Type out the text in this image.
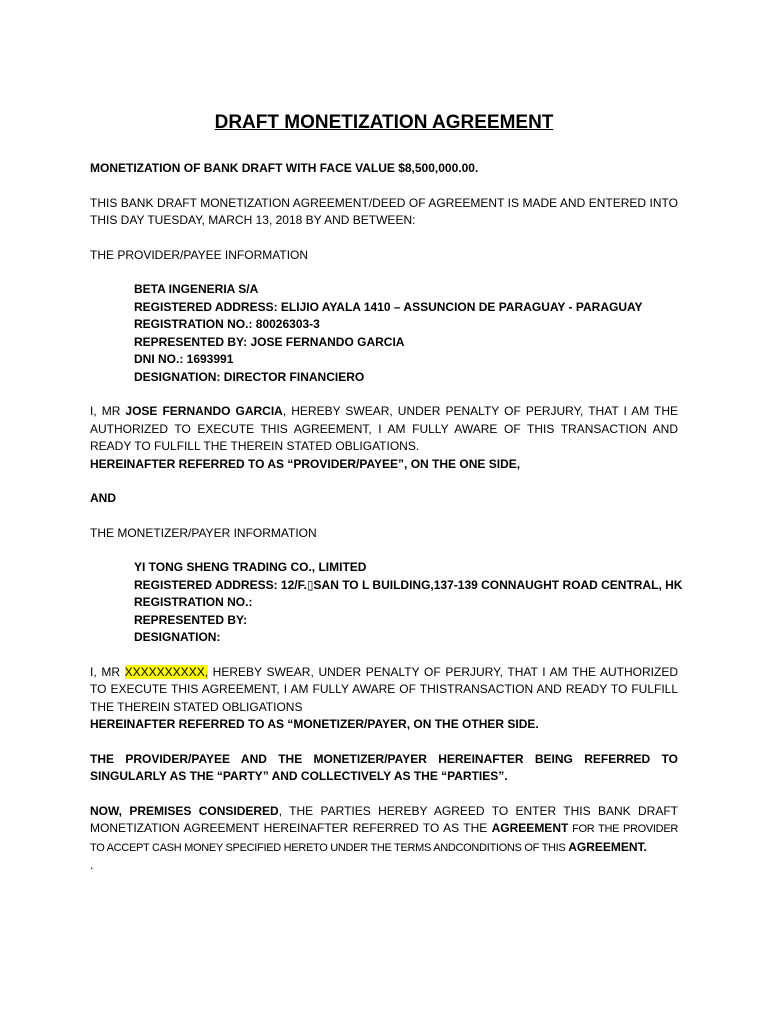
DRAFT MONETIZATION AGREEMENT

MONETIZATION OF BANK DRAFT WITH FACE VALUE $8,500,000.00.

THIS BANK DRAFT MONETIZATION AGREEMENT/DEED OF AGREEMENT IS MADE AND ENTERED INTO THIS DAY TUESDAY, MARCH 13, 2018 BY AND BETWEEN:

THE PROVIDER/PAYEE INFORMATION

BETA INGENERIA S/A
REGISTERED ADDRESS: ELIJIO AYALA 1410 – ASSUNCION DE PARAGUAY - PARAGUAY
REGISTRATION NO.: 80026303-3
REPRESENTED BY: JOSE FERNANDO GARCIA
DNI NO.: 1693991
DESIGNATION: DIRECTOR FINANCIERO

I, MR JOSE FERNANDO GARCIA, HEREBY SWEAR, UNDER PENALTY OF PERJURY, THAT I AM THE AUTHORIZED TO EXECUTE THIS AGREEMENT, I AM FULLY AWARE OF THIS TRANSACTION AND READY TO FULFILL THE THEREIN STATED OBLIGATIONS.

HEREINAFTER REFERRED TO AS “PROVIDER/PAYEE”, ON THE ONE SIDE,

AND

THE MONETIZER/PAYER INFORMATION

YI TONG SHENG TRADING CO., LIMITED
REGISTERED ADDRESS: 12/F.▯SAN TO L BUILDING,137-139 CONNAUGHT ROAD CENTRAL, HK
REGISTRATION NO.:
REPRESENTED BY:
DESIGNATION:

I, MR XXXXXXXXXX, HEREBY SWEAR, UNDER PENALTY OF PERJURY, THAT I AM THE AUTHORIZED TO EXECUTE THIS AGREEMENT, I AM FULLY AWARE OF THISTRANSACTION AND READY TO FULFILL THE THEREIN STATED OBLIGATIONS

HEREINAFTER REFERRED TO AS “MONETIZER/PAYER, ON THE OTHER SIDE.

THE PROVIDER/PAYEE AND THE MONETIZER/PAYER HEREINAFTER BEING REFERRED TO SINGULARLY AS THE “PARTY” AND COLLECTIVELY AS THE “PARTIES”.

NOW, PREMISES CONSIDERED, THE PARTIES HEREBY AGREED TO ENTER THIS BANK DRAFT MONETIZATION AGREEMENT HEREINAFTER REFERRED TO AS THE AGREEMENT FOR THE PROVIDER TO ACCEPT CASH MONEY SPECIFIED HERETO UNDER THE TERMS ANDCONDITIONS OF THIS AGREEMENT.

.
